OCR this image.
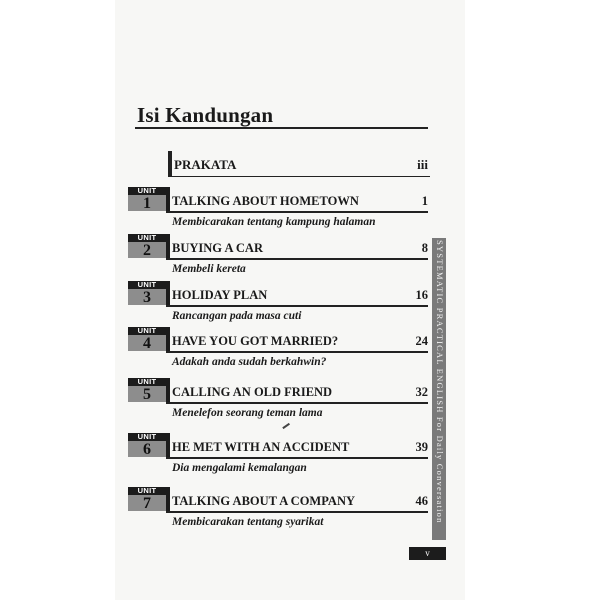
Isi Kandungan
PRAKATA	iii
UNIT
1	TALKING ABOUT HOMETOWN	1
Membicarakan tentang kampung halaman
UNIT
2	BUYING A CAR	8
Membeli kereta
UNIT
3	HOLIDAY PLAN	16
Rancangan pada masa cuti
UNIT
4	HAVE YOU GOT MARRIED?	24
Adakah anda sudah berkahwin?
UNIT
5	CALLING AN OLD FRIEND	32
Menelefon seorang teman lama
UNIT
6	HE MET WITH AN ACCIDENT	39
Dia mengalami kemalangan
UNIT
7	TALKING ABOUT A COMPANY	46
Membicarakan tentang syarikat	SYSTEMATIC PRACTICAL ENGLISH For Daily Conversation
v
